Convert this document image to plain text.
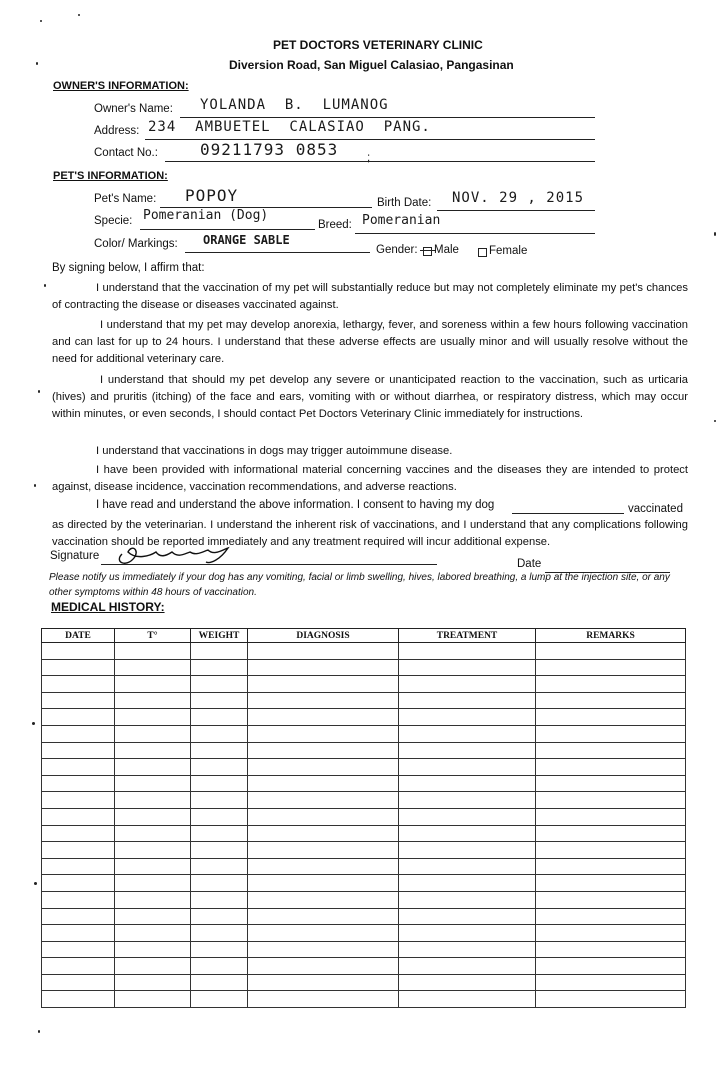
PET DOCTORS VETERINARY CLINIC
Diversion Road, San Miguel Calasiao, Pangasinan
OWNER'S INFORMATION:
Owner's Name: YOLANDA  B.  LUMANOG
Address: 234  AMBUETEL  CALASIAO  PANG.
Contact No.:	09211793 0853	;
PET'S INFORMATION:
Pet's Name: POPOY	Birth Date: NOV. 29 , 2015
Specie: Pomeranian (Dog)
Breed: Pomeranian
Color/ Markings: ORANGE SABLE
Gender: Male	Female
By signing below, I affirm that:
I understand that the vaccination of my pet will substantially reduce but may not completely eliminate my pet's chances of contracting the disease or diseases vaccinated against.
I understand that my pet may develop anorexia, lethargy, fever, and soreness within a few hours following vaccination and can last for up to 24 hours. I understand that these adverse effects are usually minor and will usually resolve without the need for additional veterinary care.
I understand that should my pet develop any severe or unanticipated reaction to the vaccination, such as urticaria (hives) and pruritis (itching) of the face and ears, vomiting with or without diarrhea, or respiratory distress, which may occur within minutes, or even seconds, I should contact Pet Doctors Veterinary Clinic immediately for instructions.
I understand that vaccinations in dogs may trigger autoimmune disease.
I have been provided with informational material concerning vaccines and the diseases they are intended to protect against, disease incidence, vaccination recommendations, and adverse reactions.
I have read and understand the above information. I consent to having my dog	vaccinated
as directed by the veterinarian. I understand the inherent risk of vaccinations, and I understand that any complications following vaccination should be reported immediately and any treatment required will incur additional expense.
Signature
Date
Please notify us immediately if your dog has any vomiting, facial or limb swelling, hives, labored breathing, a lump at the injection site, or any other symptoms within 48 hours of vaccination.
MEDICAL HISTORY:
DATE	T°	WEIGHT	DIAGNOSIS	TREATMENT	REMARKS
